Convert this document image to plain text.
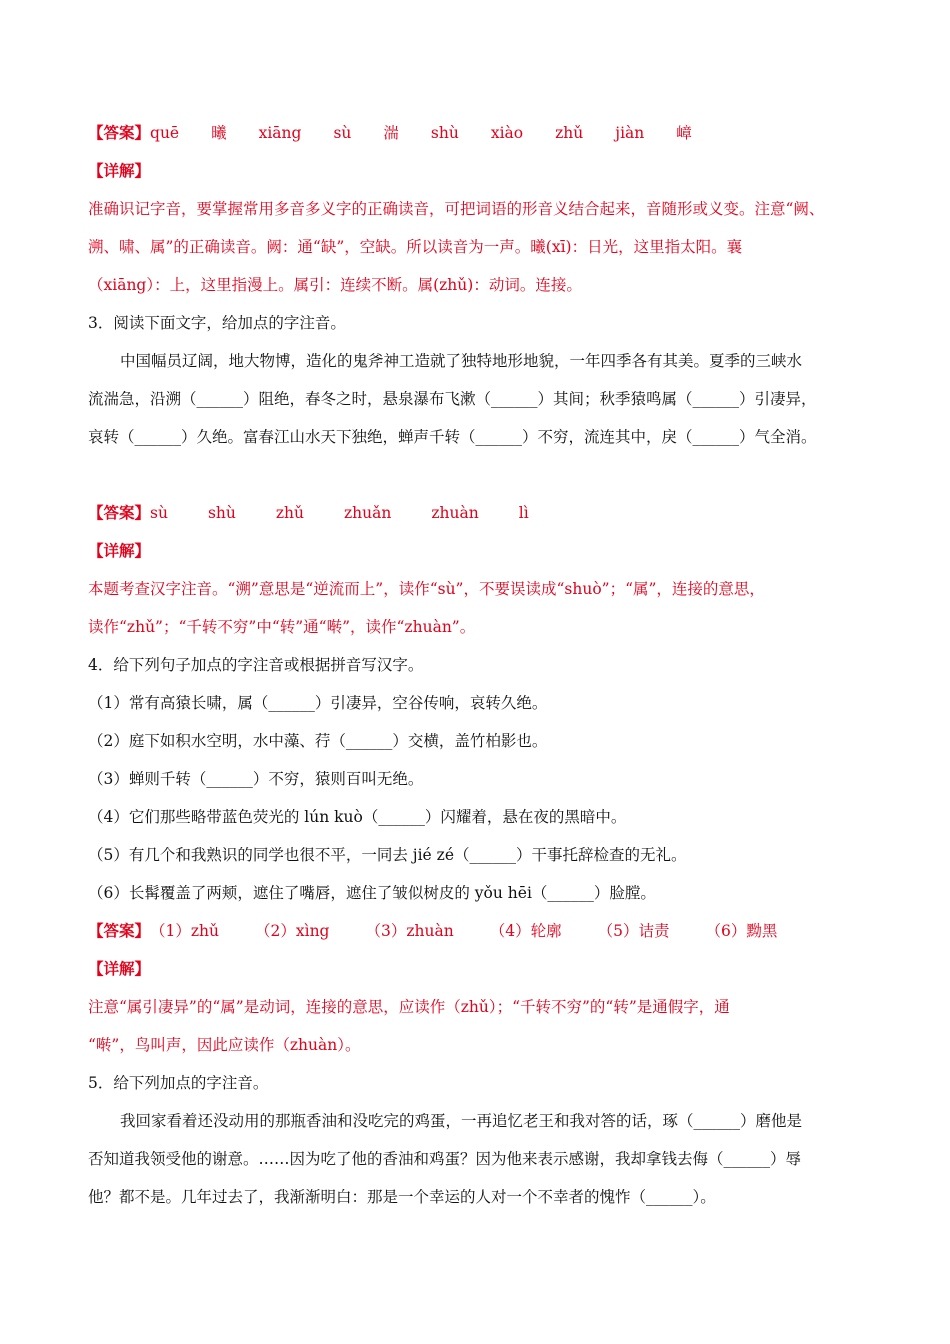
【答案】quē 曦 xiāng sù 湍 shù xiào zhǔ jiàn 嶂
【详解】
准确识记字音，要掌握常用多音多义字的正确读音，可把词语的形音义结合起来，音随形或义变。注意“阙、
溯、啸、属”的正确读音。阙：通“缺”，空缺。所以读音为一声。曦(xī)：日光，这里指太阳。襄
（xiāng）：上，这里指漫上。属引：连续不断。属(zhǔ)：动词。连接。
3．阅读下面文字，给加点的字注音。
中国幅员辽阔，地大物博，造化的鬼斧神工造就了独特地形地貌，一年四季各有其美。夏季的三峡水
流湍急，沿溯（______）阻绝，春冬之时，悬泉瀑布飞漱（______）其间；秋季猿鸣属（______）引凄异，
哀转（______）久绝。富春江山水天下独绝，蝉声千转（______）不穷，流连其中，戾（______）气全消。
【答案】sù	shù	zhǔ	zhuǎn	zhuàn	lì
【详解】
本题考查汉字注音。“溯”意思是“逆流而上”，读作“sù”，不要误读成“shuò”；“属”，连接的意思，
读作“zhǔ”；“千转不穷”中“转”通“啭”，读作“zhuàn”。
4．给下列句子加点的字注音或根据拼音写汉字。
（1）常有高猿长啸，属（______）引凄异，空谷传响，哀转久绝。
（2）庭下如积水空明，水中藻、荇（______）交横，盖竹柏影也。
（3）蝉则千转（______）不穷，猿则百叫无绝。
（4）它们那些略带蓝色荧光的 lún kuò（______）闪耀着，悬在夜的黑暗中。
（5）有几个和我熟识的同学也很不平，一同去 jié zé（______）干事托辞检查的无礼。
（6）长髯覆盖了两颊，遮住了嘴唇，遮住了皱似树皮的 yǒu hēi（______）脸膛。
【答案】（1）zhǔ （2）xìng （3）zhuàn （4）轮廓 （5）诘责 （6）黝黑
【详解】
注意“属引凄异”的“属”是动词，连接的意思，应读作（zhǔ）；“千转不穷”的“转”是通假字，通
“啭”，鸟叫声，因此应读作（zhuàn）。
5．给下列加点的字注音。
我回家看着还没动用的那瓶香油和没吃完的鸡蛋，一再追忆老王和我对答的话，琢（______）磨他是
否知道我领受他的谢意。……因为吃了他的香油和鸡蛋？因为他来表示感谢，我却拿钱去侮（______）辱
他？都不是。几年过去了，我渐渐明白：那是一个幸运的人对一个不幸者的愧怍（______）。
